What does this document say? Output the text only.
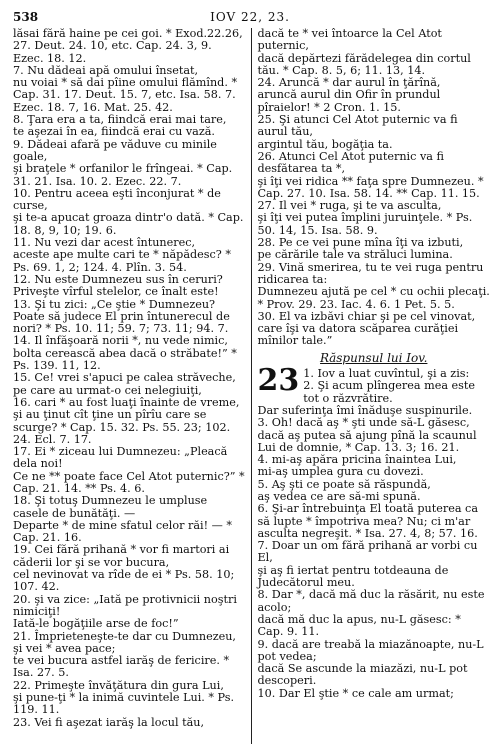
538	IOV 22, 23.

lăsai fără haine pe cei goi. * Exod.22.26, 27. Deut. 24. 10, etc. Cap. 24. 3, 9. Ezec. 18. 12.

7. Nu dădeai apă omului însetat,

nu voiai * să dai pîine omului flămînd. * Cap. 31. 17. Deut. 15. 7, etc. Isa. 58. 7. Ezec. 18. 7, 16. Mat. 25. 42.

8. Ţara era a ta, fiindcă erai mai tare,

te aşezai în ea, fiindcă erai cu vază.

9. Dădeai afară pe văduve cu minile goale,

şi braţele * orfanilor le frîngeai. * Cap. 31. 21. Isa. 10. 2. Ezec. 22. 7.

10. Pentru aceea eşti înconjurat * de curse,

şi te-a apucat groaza dintr'o dată. * Cap. 18. 8, 9, 10; 19. 6.

11. Nu vezi dar acest întunerec,

aceste ape multe cari te * năpădesc? * Ps. 69. 1, 2; 124. 4. Plîn. 3. 54.

12. Nu este Dumnezeu sus în ceruri?

Priveşte vîrful stelelor, ce înalt este!

13. Şi tu zici: „Ce ştie * Dumnezeu?

Poate să judece El prin întunerecul de nori? * Ps. 10. 11; 59. 7; 73. 11; 94. 7.

14. Il înfăşoară norii *, nu vede nimic,

bolta cerească abea dacă o străbate!” * Ps. 139. 11, 12.

15. Ce! vrei s'apuci pe calea străveche,

pe care au urmat-o cei nelegiuiţi,

16. cari * au fost luaţi înainte de vreme,

şi au ţinut cît ţine un pîrîu care se scurge? * Cap. 15. 32. Ps. 55. 23; 102. 24. Ecl. 7. 17.

17. Ei * ziceau lui Dumnezeu: „Pleacă dela noi!

Ce ne ** poate face Cel Atot puternic?” * Cap. 21. 14. ** Ps. 4. 6.

18. Şi totuş Dumnezeu le umpluse casele de bunătăţi. —

Departe * de mine sfatul celor răi! — * Cap. 21. 16.

19. Cei fără prihană * vor fi martori ai căderii lor şi se vor bucura,

cel nevinovat va rîde de ei * Ps. 58. 10; 107. 42.

20. şi va zice: „Iată pe protivnicii noştri nimiciţi!

Iată-le bogăţiile arse de foc!”

21. Împrieteneşte-te dar cu Dumnezeu, şi vei * avea pace;

te vei bucura astfel iarăş de fericire. * Isa. 27. 5.

22. Primeşte învăţătura din gura Lui,

şi pune-ţi * la inimă cuvintele Lui. * Ps. 119. 11.

23. Vei fi aşezat iarăş la locul tău,

dacă te * vei întoarce la Cel Atot puternic,

dacă depărtezi fărădelegea din cortul tău. * Cap. 8. 5, 6; 11. 13, 14.

24. Aruncă * dar aurul în ţărînă,

aruncă aurul din Ofir în prundul pîraielor! * 2 Cron. 1. 15.

25. Şi atunci Cel Atot puternic va fi aurul tău,

argintul tău, bogăţia ta.

26. Atunci Cel Atot puternic va fi desfătarea ta *,

şi îţi vei ridica ** faţa spre Dumnezeu. * Cap. 27. 10. Isa. 58. 14. ** Cap. 11. 15.

27. Il vei * ruga, şi te va asculta,

şi îţi vei putea împlini juruinţele. * Ps. 50. 14, 15. Isa. 58. 9.

28. Pe ce vei pune mîna îţi va izbuti,

pe cărările tale va străluci lumina.

29. Vină smerirea, tu te vei ruga pentru ridicarea ta:

Dumnezeu ajută pe cel * cu ochii plecaţi. * Prov. 29. 23. Iac. 4. 6. 1 Pet. 5. 5.

30. El va izbăvi chiar şi pe cel vinovat,

care îşi va datora scăparea curăţiei mînilor tale.”

Răspunsul lui Iov.
23 1. Iov a luat cuvîntul, şi a zis:

2. Şi acum plîngerea mea este tot o răzvrătire.

Dar suferinţa îmi înăduşe suspinurile.

3. Oh! dacă aş * şti unde să-L găsesc,

dacă aş putea să ajung pînă la scaunul Lui de domnie, * Cap. 13. 3; 16. 21.

4. mi-aş apăra pricina înaintea Lui,

mi-aş umplea gura cu dovezi.

5. Aş şti ce poate să răspundă,

aş vedea ce are să-mi spună.

6. Şi-ar întrebuinţa El toată puterea ca să lupte * împotriva mea? Nu; ci m'ar asculta negreşit. * Isa. 27. 4, 8; 57. 16.

7. Doar un om fără prihană ar vorbi cu El,

şi aş fi iertat pentru totdeauna de Judecătorul meu.

8. Dar *, dacă mă duc la răsărit, nu este acolo;

dacă mă duc la apus, nu-L găsesc: * Cap. 9. 11.

9. dacă are treabă la miazănoapte, nu-L pot vedea;

dacă Se ascunde la miazăzi, nu-L pot descoperi.

10. Dar El ştie * ce cale am urmat;
